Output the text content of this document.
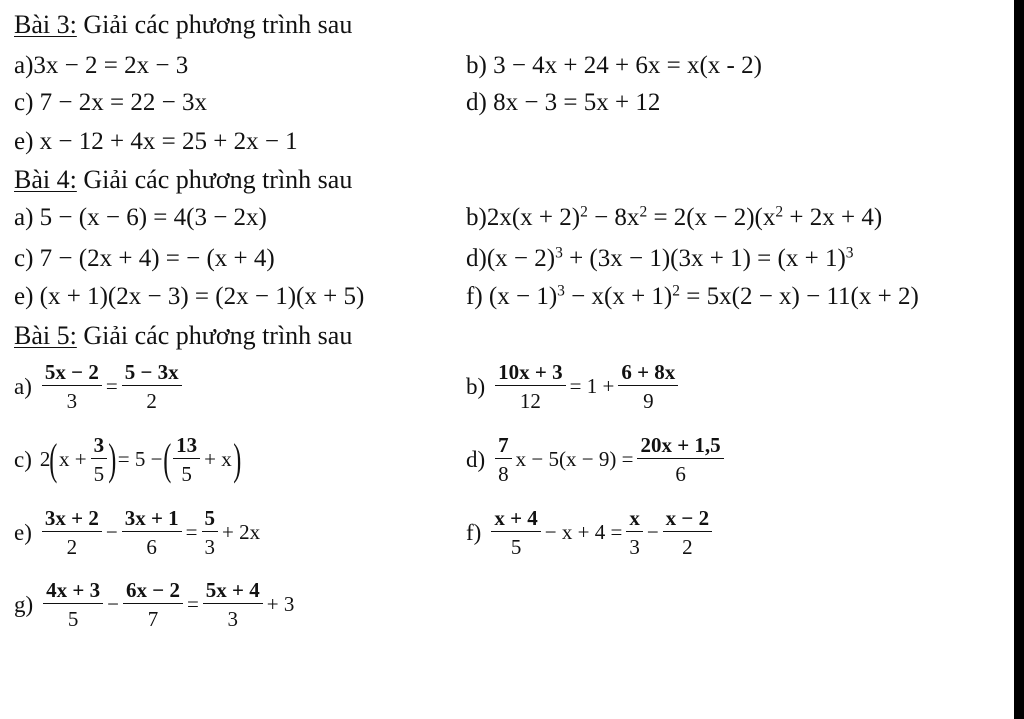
Bài 3: Giải các phương trình sau
a)3x − 2 = 2x − 3	b) 3 − 4x + 24 + 6x = x(x - 2)
c) 7 − 2x = 22 − 3x	d) 8x − 3 = 5x + 12
e) x − 12 + 4x = 25 + 2x − 1
Bài 4: Giải các phương trình sau
a) 5 − (x − 6) = 4(3 − 2x)	$b)2x(x + 2)^2 - 8x^2 = 2(x - 2)(x^2 + 2x + 4)$
c) 7 − (2x + 4) = − (x + 4)	$d)(x - 2)^3 + (3x - 1)(3x + 1) = (x + 1)^3$
e) (x + 1)(2x − 3) = (2x − 1)(x + 5)	f) $(x - 1)^3 - x(x + 1)^2 = 5x(2 - x) - 11(x + 2)$
Bài 5: Giải các phương trình sau
$a) \frac{5x - 2}{3} = \frac{5 - 3x}{2}$	$b) \frac{10x + 3}{12} = 1 + \frac{6 + 8x}{9}$
c) 2 ( $x + \frac{3}{5}$ ) = 5 − ( $\frac{13}{5} + x$ )	$d) \frac{7}{8}$ $x - 5(x - 9) = \frac{20x + 1,5}{6}$
$e) \frac{3x + 2}{2} - \frac{3x + 1}{6} = \frac{5}{3} + 2x$	$f) \frac{x + 4}{5} - x + 4 = \frac{x}{3} - \frac{x - 2}{2}$
$g) \frac{4x + 3}{5} - \frac{6x - 2}{7} = \frac{5x + 4}{3} + 3$
